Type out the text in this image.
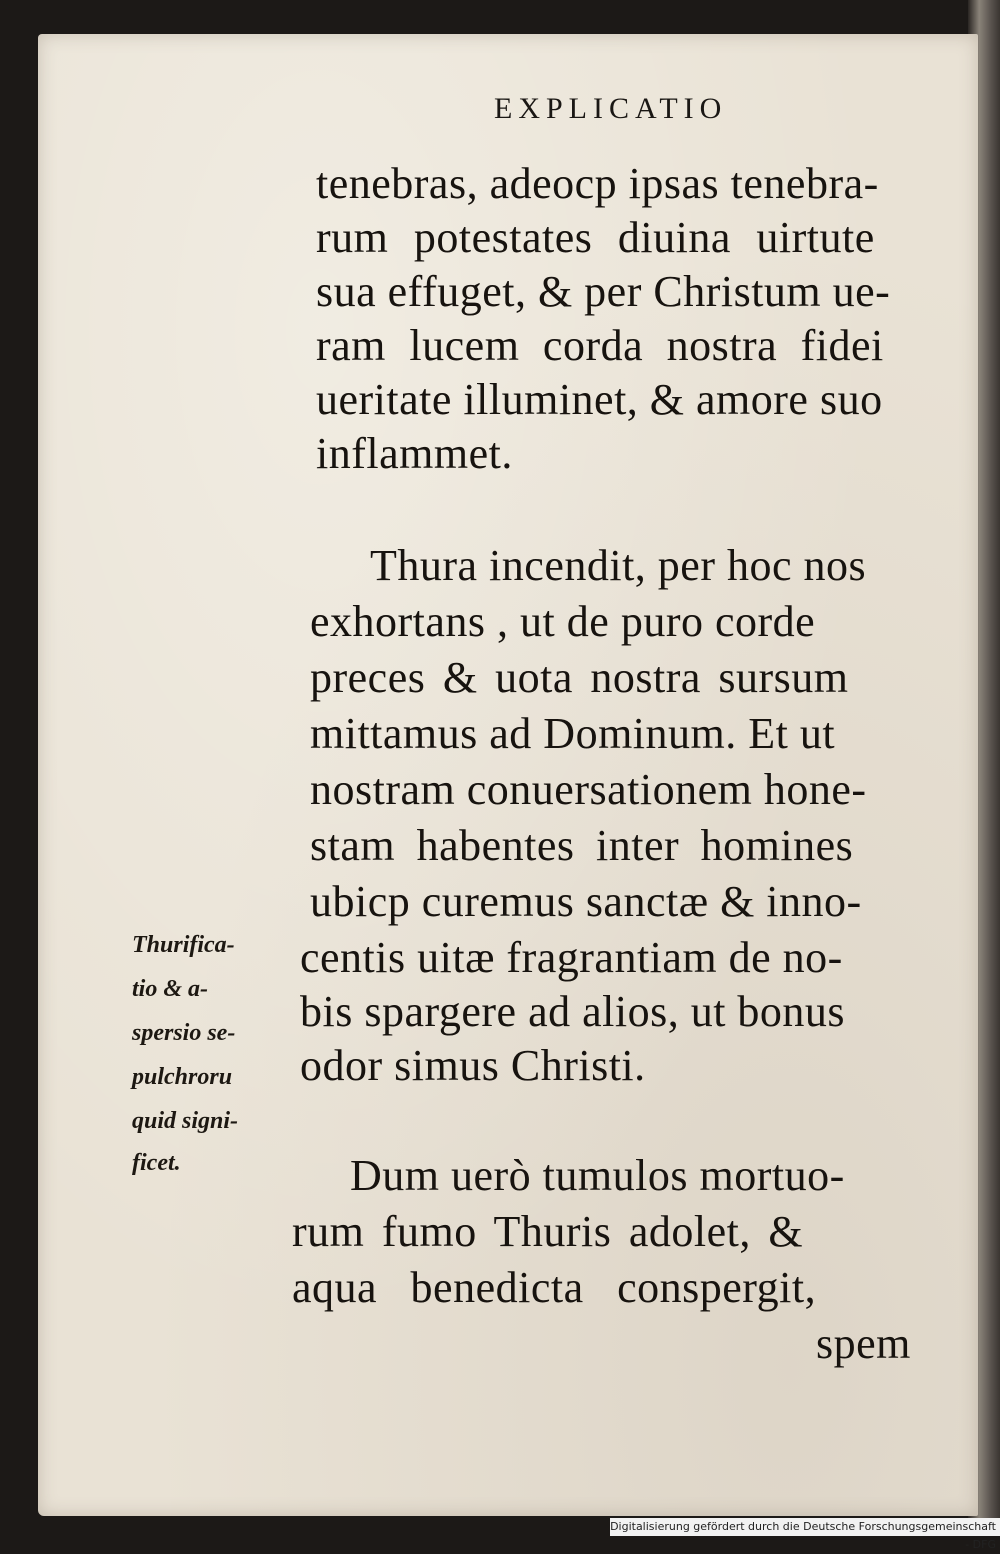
EXPLICATIO
tenebras, adeocp ipsas tenebra-
rum potestates diuina uirtute
sua effuget, & per Christum ue-
ram lucem corda nostra fidei
ueritate illuminet, & amore suo
inflammet.
Thura incendit, per hoc nos
exhortans , ut de puro corde
preces & uota nostra sursum
mittamus ad Dominum. Et ut
nostram conuersationem hone-
stam habentes inter homines
ubicp curemus sanctæ & inno-
centis uitæ fragrantiam de no-
bis spargere ad alios, ut bonus
odor simus Christi.
Dum uerò tumulos mortuo-
rum fumo Thuris adolet, &
aqua benedicta conspergit,
spem
Thurifica-
tio & a-
spersio se-
pulchroru
quid signi-
ficet.
Digitalisierung gefördert durch die Deutsche Forschungsgemeinschaft - DFG
